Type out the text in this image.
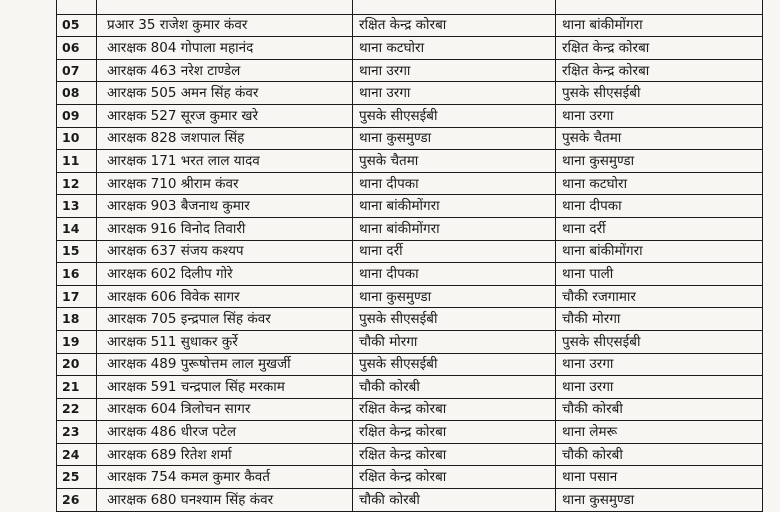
05	प्रआर 35 राजेश कुमार कंवर	रक्षित केन्द्र कोरबा	थाना बांकीमोंगरा
06	आरक्षक 804 गोपाला महानंद	थाना कटघोरा	रक्षित केन्द्र कोरबा
07	आरक्षक 463 नरेश टाण्डेल	थाना उरगा	रक्षित केन्द्र कोरबा
08	आरक्षक 505 अमन सिंह कंवर	थाना उरगा	पुसके सीएसईबी
09	आरक्षक 527 सूरज कुमार खरे	पुसके सीएसईबी	थाना उरगा
10	आरक्षक 828 जशपाल सिंह	थाना कुसमुण्डा	पुसके चैतमा
11	आरक्षक 171 भरत लाल यादव	पुसके चैतमा	थाना कुसमुण्डा
12	आरक्षक 710 श्रीराम कंवर	थाना दीपका	थाना कटघोरा
13	आरक्षक 903 बैजनाथ कुमार	थाना बांकीमोंगरा	थाना दीपका
14	आरक्षक 916 विनोद तिवारी	थाना बांकीमोंगरा	थाना दर्री
15	आरक्षक 637 संजय कश्यप	थाना दर्री	थाना बांकीमोंगरा
16	आरक्षक 602 दिलीप गोरे	थाना दीपका	थाना पाली
17	आरक्षक 606 विवेक सागर	थाना कुसमुण्डा	चौकी रजगामार
18	आरक्षक 705 इन्द्रपाल सिंह कंवर	पुसके सीएसईबी	चौकी मोरगा
19	आरक्षक 511 सुधाकर कुर्रे	चौकी मोरगा	पुसके सीएसईबी
20	आरक्षक 489 पुरूषोत्तम लाल मुखर्जी	पुसके सीएसईबी	थाना उरगा
21	आरक्षक 591 चन्द्रपाल सिंह मरकाम	चौकी कोरबी	थाना उरगा
22	आरक्षक 604 त्रिलोचन सागर	रक्षित केन्द्र कोरबा	चौकी कोरबी
23	आरक्षक 486 धीरज पटेल	रक्षित केन्द्र कोरबा	थाना लेमरू
24	आरक्षक 689 रितेश शर्मा	रक्षित केन्द्र कोरबा	चौकी कोरबी
25	आरक्षक 754 कमल कुमार कैवर्त	रक्षित केन्द्र कोरबा	थाना पसान
26	आरक्षक 680 घनश्याम सिंह कंवर	चौकी कोरबी	थाना कुसमुण्डा
